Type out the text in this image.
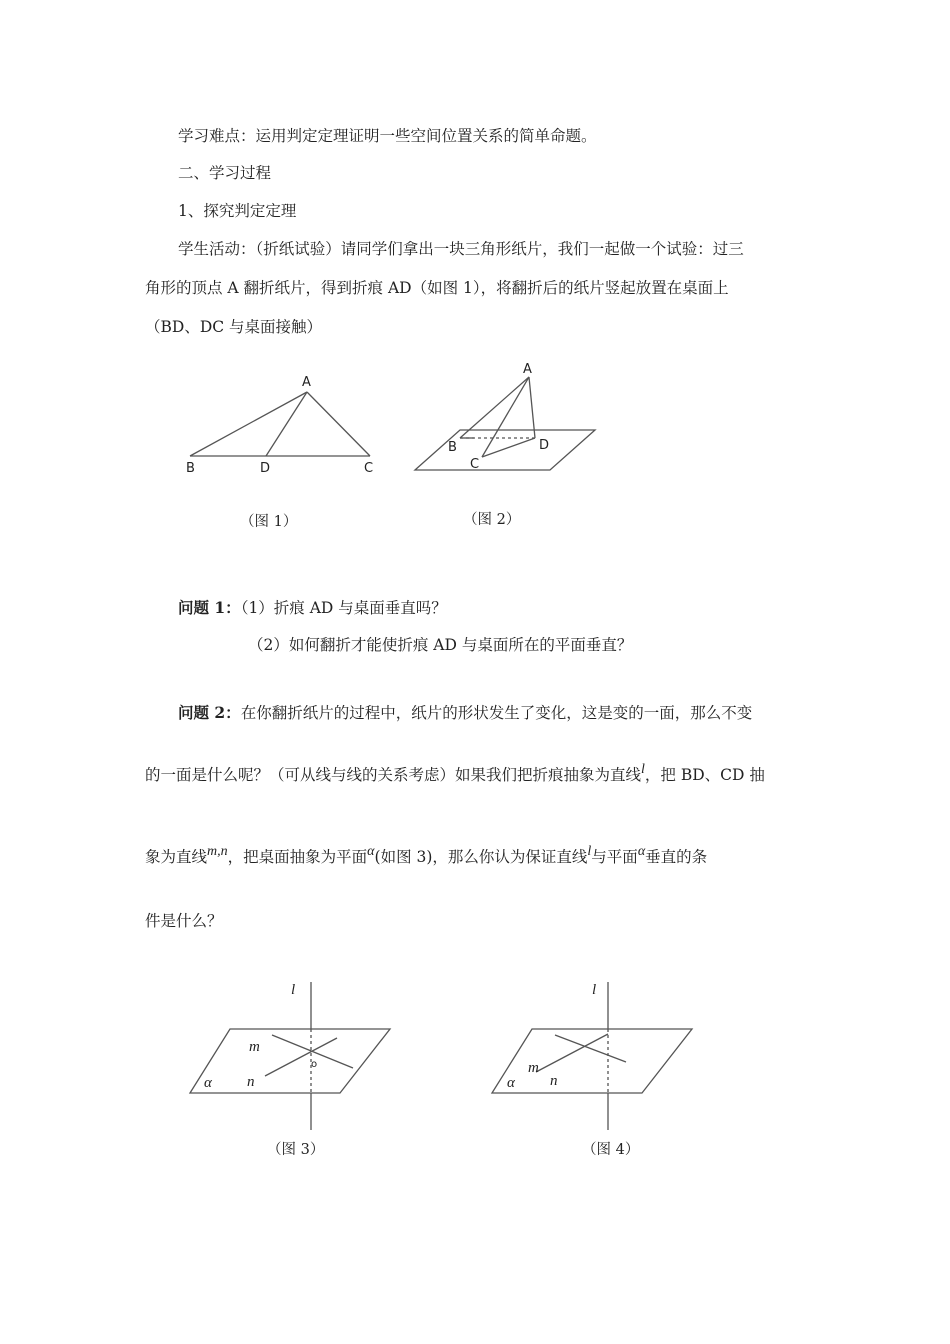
学习难点：运用判定定理证明一些空间位置关系的简单命题。
二、学习过程
1、探究判定定理
学生活动：（折纸试验）请同学们拿出一块三角形纸片，我们一起做一个试验：过三
角形的顶点 A 翻折纸片，得到折痕 AD（如图 1），将翻折后的纸片竖起放置在桌面上
（BD、DC 与桌面接触）
A
B	D	C
（图 1）
A
B	D
C
（图 2）
问题 1：（1）折痕 AD 与桌面垂直吗？
（2）如何翻折才能使折痕 AD 与桌面所在的平面垂直？
问题 2：在你翻折纸片的过程中，纸片的形状发生了变化，这是变的一面，那么不变
的一面是什么呢？（可从线与线的关系考虑）如果我们把折痕抽象为直线l，把 BD、CD 抽
象为直线m,n，把桌面抽象为平面α(如图 3)，那么你认为保证直线l与平面α垂直的条
件是什么？
l
m
n
o
α
（图 3）
l
m
n
α
（图 4）
